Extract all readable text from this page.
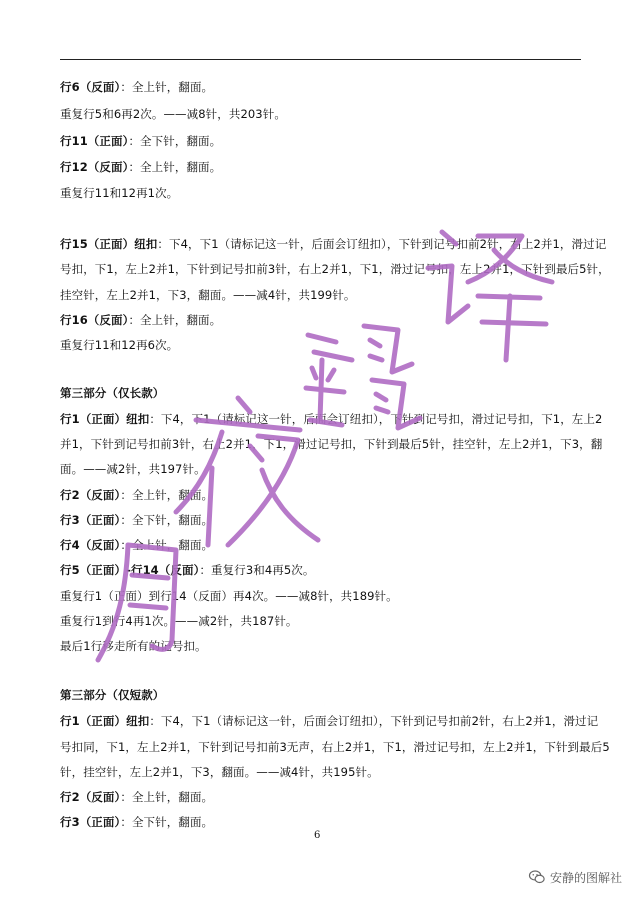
行6（反面）：全上针，翻面。
重复行5和6再2次。——减8针，共203针。
行11（正面）：全下针，翻面。
行12（反面）：全上针，翻面。
重复行11和12再1次。
行15（正面）纽扣：下4，下1（请标记这一针，后面会订纽扣），下针到记号扣前2针，右上2并1，滑过记
号扣，下1，左上2并1，下针到记号扣前3针，右上2并1，下1，滑过记号扣，左上2并1，下针到最后5针，
挂空针，左上2并1，下3，翻面。——减4针，共199针。
行16（反面）：全上针，翻面。
重复行11和12再6次。
第三部分（仅长款）
行1（正面）纽扣：下4，下1（请标记这一针，后面会订纽扣），下针到记号扣，滑过记号扣，下1，左上2
并1，下针到记号扣前3针，右上2并1，下1，滑过记号扣，下针到最后5针，挂空针，左上2并1，下3，翻
面。——减2针，共197针。
行2（反面）：全上针，翻面。
行3（正面）：全下针，翻面。
行4（反面）：全上针，翻面。
行5（正面）-行14（反面）：重复行3和4再5次。
重复行1（正面）到行14（反面）再4次。——减8针，共189针。
重复行1到行4再1次。——减2针，共187针。
最后1行移走所有的记号扣。
第三部分（仅短款）
行1（正面）纽扣：下4，下1（请标记这一针，后面会订纽扣），下针到记号扣前2针，右上2并1，滑过记
号扣同，下1，左上2并1，下针到记号扣前3无声，右上2并1，下1，滑过记号扣，左上2并1，下针到最后5
针，挂空针，左上2并1，下3，翻面。——减4针，共195针。
行2（反面）：全上针，翻面。
行3（正面）：全下针，翻面。
6
安静的图解社
